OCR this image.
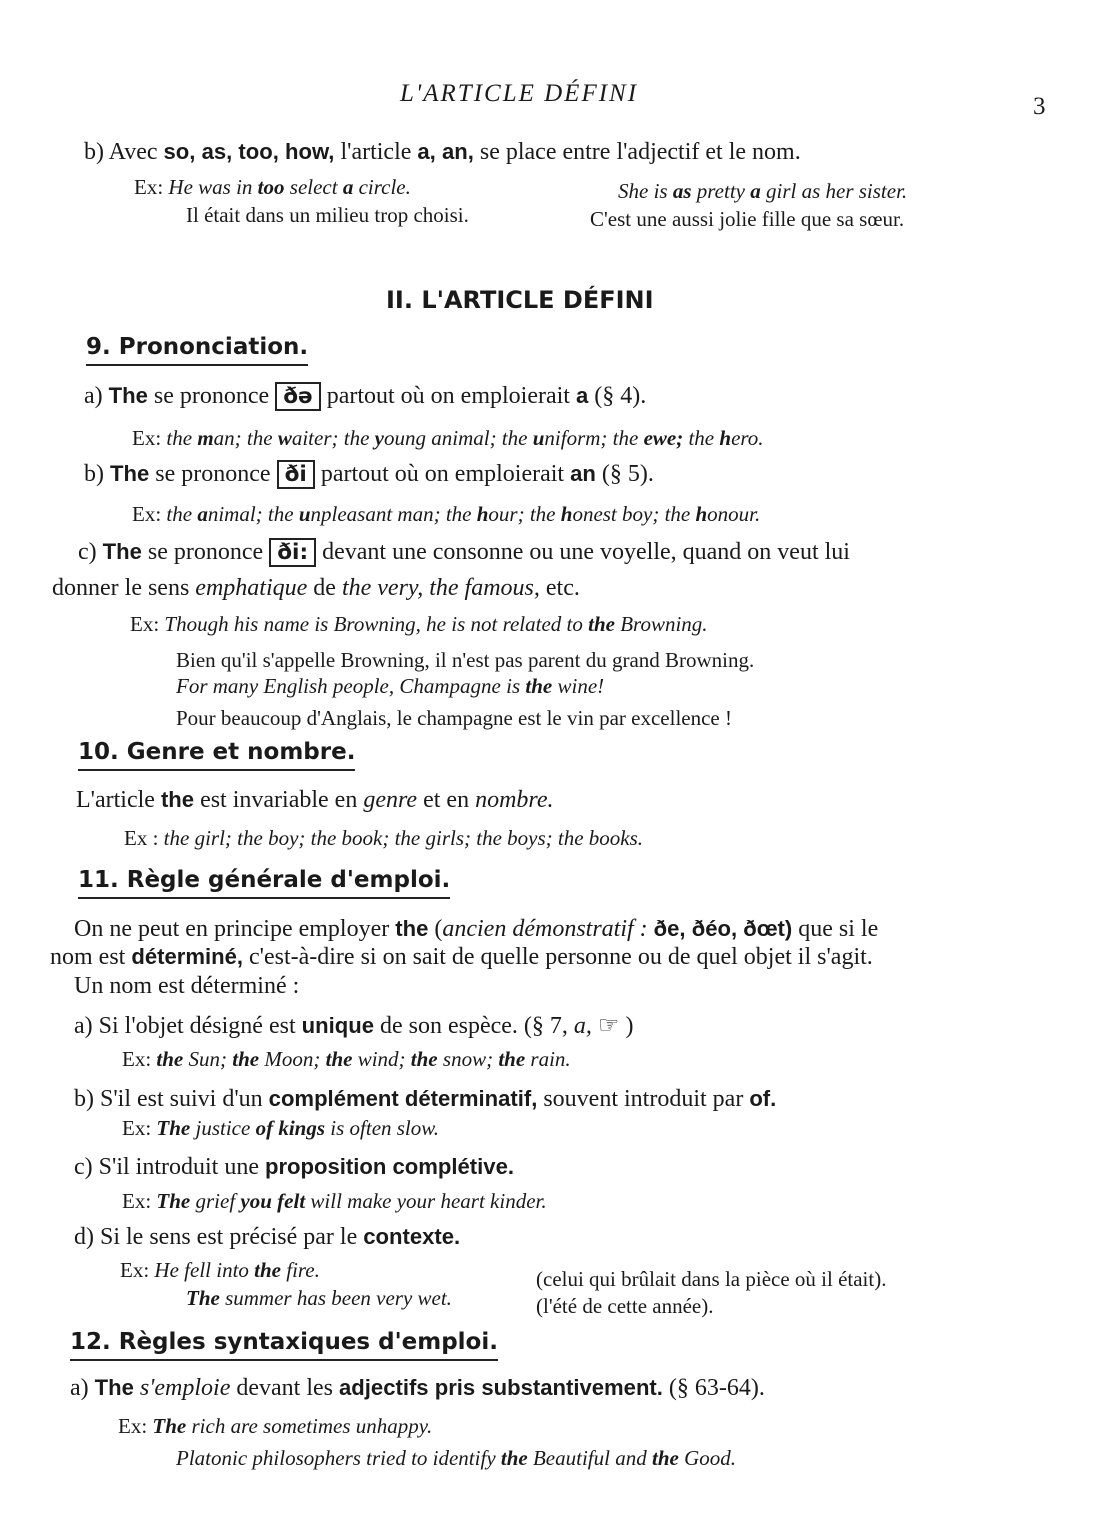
L'ARTICLE DÉFINI	3
b) Avec so, as, too, how, l'article a, an, se place entre l'adjectif et le nom.
Ex: He was in too select a circle.	She is as pretty a girl as her sister.
Il était dans un milieu trop choisi.	C'est une aussi jolie fille que sa sœur.
II. L'ARTICLE DÉFINI
9. Prononciation.
a) The se prononce ðə partout où on emploierait a (§ 4).
Ex: the man; the waiter; the young animal; the uniform; the ewe; the hero.
b) The se prononce ði partout où on emploierait an (§ 5).
Ex: the animal; the unpleasant man; the hour; the honest boy; the honour.
c) The se prononce ði: devant une consonne ou une voyelle, quand on veut lui
donner le sens emphatique de the very, the famous, etc.
Ex: Though his name is Browning, he is not related to the Browning.
Bien qu'il s'appelle Browning, il n'est pas parent du grand Browning.
For many English people, Champagne is the wine!
Pour beaucoup d'Anglais, le champagne est le vin par excellence !
10. Genre et nombre.
L'article the est invariable en genre et en nombre.
Ex : the girl; the boy; the book; the girls; the boys; the books.
11. Règle générale d'emploi.
On ne peut en principe employer the (ancien démonstratif : ðe, ðéo, ðœt) que si le
nom est déterminé, c'est-à-dire si on sait de quelle personne ou de quel objet il s'agit.
Un nom est déterminé :
a) Si l'objet désigné est unique de son espèce. (§ 7, a, ☞ )
Ex: the Sun; the Moon; the wind; the snow; the rain.
b) S'il est suivi d'un complément déterminatif, souvent introduit par of.
Ex: The justice of kings is often slow.
c) S'il introduit une proposition complétive.
Ex: The grief you felt will make your heart kinder.
d) Si le sens est précisé par le contexte.
Ex: He fell into the fire.	(celui qui brûlait dans la pièce où il était).
The summer has been very wet.	(l'été de cette année).
12. Règles syntaxiques d'emploi.
a) The s'emploie devant les adjectifs pris substantivement. (§ 63-64).
Ex: The rich are sometimes unhappy.
Platonic philosophers tried to identify the Beautiful and the Good.
